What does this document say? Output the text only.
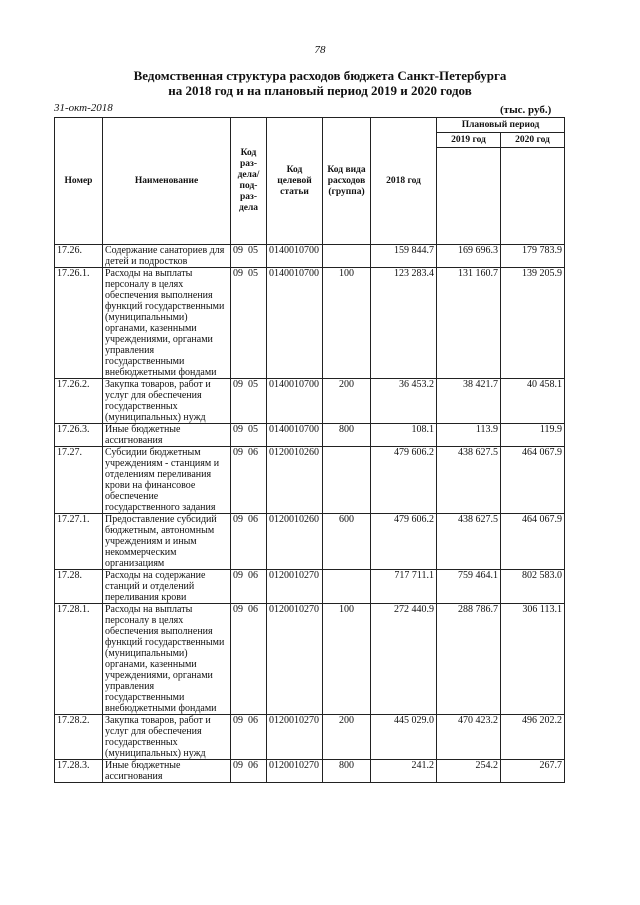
78
Ведомственная структура расходов бюджета Санкт-Петербурга
на 2018 год и на плановый период 2019 и 2020 годов
31-окт-2018	(тыс. руб.)
Номер	Наименование	Код раз-дела/ под-раз-дела	Код целевой статьи	Код вида расходов (группа)	2018 год	Плановый период	
						2019 год	2020 год

17.26.	Содержание санаториев для детей и подростков	09 05	0140010700		159 844.7	169 696.3	179 783.9
17.26.1.	Расходы на выплаты персоналу в целях обеспечения выполнения функций государственными (муниципальными) органами, казенными учреждениями, органами управления государственными внебюджетными фондами	09 05	0140010700	100	123 283.4	131 160.7	139 205.9
17.26.2.	Закупка товаров, работ и услуг для обеспечения государственных (муниципальных) нужд	09 05	0140010700	200	36 453.2	38 421.7	40 458.1
17.26.3.	Иные бюджетные ассигнования	09 05	0140010700	800	108.1	113.9	119.9
17.27.	Субсидии бюджетным учреждениям - станциям и отделениям переливания крови на финансовое обеспечение государственного задания	09 06	0120010260		479 606.2	438 627.5	464 067.9
17.27.1.	Предоставление субсидий бюджетным, автономным учреждениям и иным некоммерческим организациям	09 06	0120010260	600	479 606.2	438 627.5	464 067.9
17.28.	Расходы на содержание станций и отделений переливания крови	09 06	0120010270		717 711.1	759 464.1	802 583.0
17.28.1.	Расходы на выплаты персоналу в целях обеспечения выполнения функций государственными (муниципальными) органами, казенными учреждениями, органами управления государственными внебюджетными фондами	09 06	0120010270	100	272 440.9	288 786.7	306 113.1
17.28.2.	Закупка товаров, работ и услуг для обеспечения государственных (муниципальных) нужд	09 06	0120010270	200	445 029.0	470 423.2	496 202.2
17.28.3.	Иные бюджетные ассигнования	09 06	0120010270	800	241.2	254.2	267.7
